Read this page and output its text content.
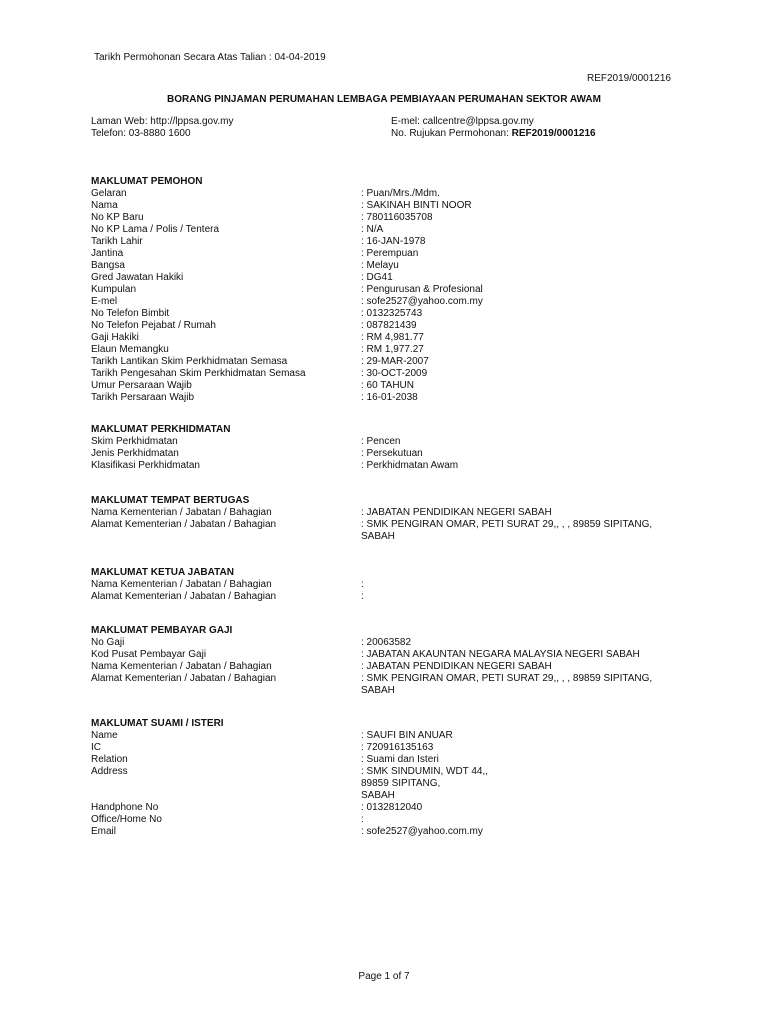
Tarikh Permohonan Secara Atas Talian : 04-04-2019
REF2019/0001216
BORANG PINJAMAN PERUMAHAN LEMBAGA PEMBIAYAAN PERUMAHAN SEKTOR AWAM
Laman Web: http://lppsa.gov.my
Telefon: 03-8880 1600
E-mel: callcentre@lppsa.gov.my
No. Rujukan Permohonan: REF2019/0001216
MAKLUMAT PEMOHON
Gelaran	: Puan/Mrs./Mdm.
Nama	: SAKINAH BINTI NOOR
No KP Baru	: 780116035708
No KP Lama / Polis / Tentera	: N/A
Tarikh Lahir	: 16-JAN-1978
Jantina	: Perempuan
Bangsa	: Melayu
Gred Jawatan Hakiki	: DG41
Kumpulan	: Pengurusan & Profesional
E-mel	: sofe2527@yahoo.com.my
No Telefon Bimbit	: 0132325743
No Telefon Pejabat / Rumah	: 087821439
Gaji Hakiki	: RM 4,981.77
Elaun Memangku	: RM 1,977.27
Tarikh Lantikan Skim Perkhidmatan Semasa	: 29-MAR-2007
Tarikh Pengesahan Skim Perkhidmatan Semasa	: 30-OCT-2009
Umur Persaraan Wajib	: 60 TAHUN
Tarikh Persaraan Wajib	: 16-01-2038
MAKLUMAT PERKHIDMATAN
Skim Perkhidmatan	: Pencen
Jenis Perkhidmatan	: Persekutuan
Klasifikasi Perkhidmatan	: Perkhidmatan Awam
MAKLUMAT TEMPAT BERTUGAS
Nama Kementerian / Jabatan / Bahagian	: JABATAN PENDIDIKAN NEGERI SABAH
Alamat Kementerian / Jabatan / Bahagian	: SMK PENGIRAN OMAR, PETI SURAT 29,, , , 89859 SIPITANG,
SABAH
MAKLUMAT KETUA JABATAN
Nama Kementerian / Jabatan / Bahagian	:
Alamat Kementerian / Jabatan / Bahagian	:
MAKLUMAT PEMBAYAR GAJI
No Gaji	: 20063582
Kod Pusat Pembayar Gaji	: JABATAN AKAUNTAN NEGARA MALAYSIA NEGERI SABAH
Nama Kementerian / Jabatan / Bahagian	: JABATAN PENDIDIKAN NEGERI SABAH
Alamat Kementerian / Jabatan / Bahagian	: SMK PENGIRAN OMAR, PETI SURAT 29,, , , 89859 SIPITANG,
SABAH
MAKLUMAT SUAMI / ISTERI
Name	: SAUFI BIN ANUAR
IC	: 720916135163
Relation	: Suami dan Isteri
Address	: SMK SINDUMIN, WDT 44,,
89859 SIPITANG,
SABAH

Handphone No	: 0132812040
Office/Home No	:
Email	: sofe2527@yahoo.com.my
Page 1 of 7
